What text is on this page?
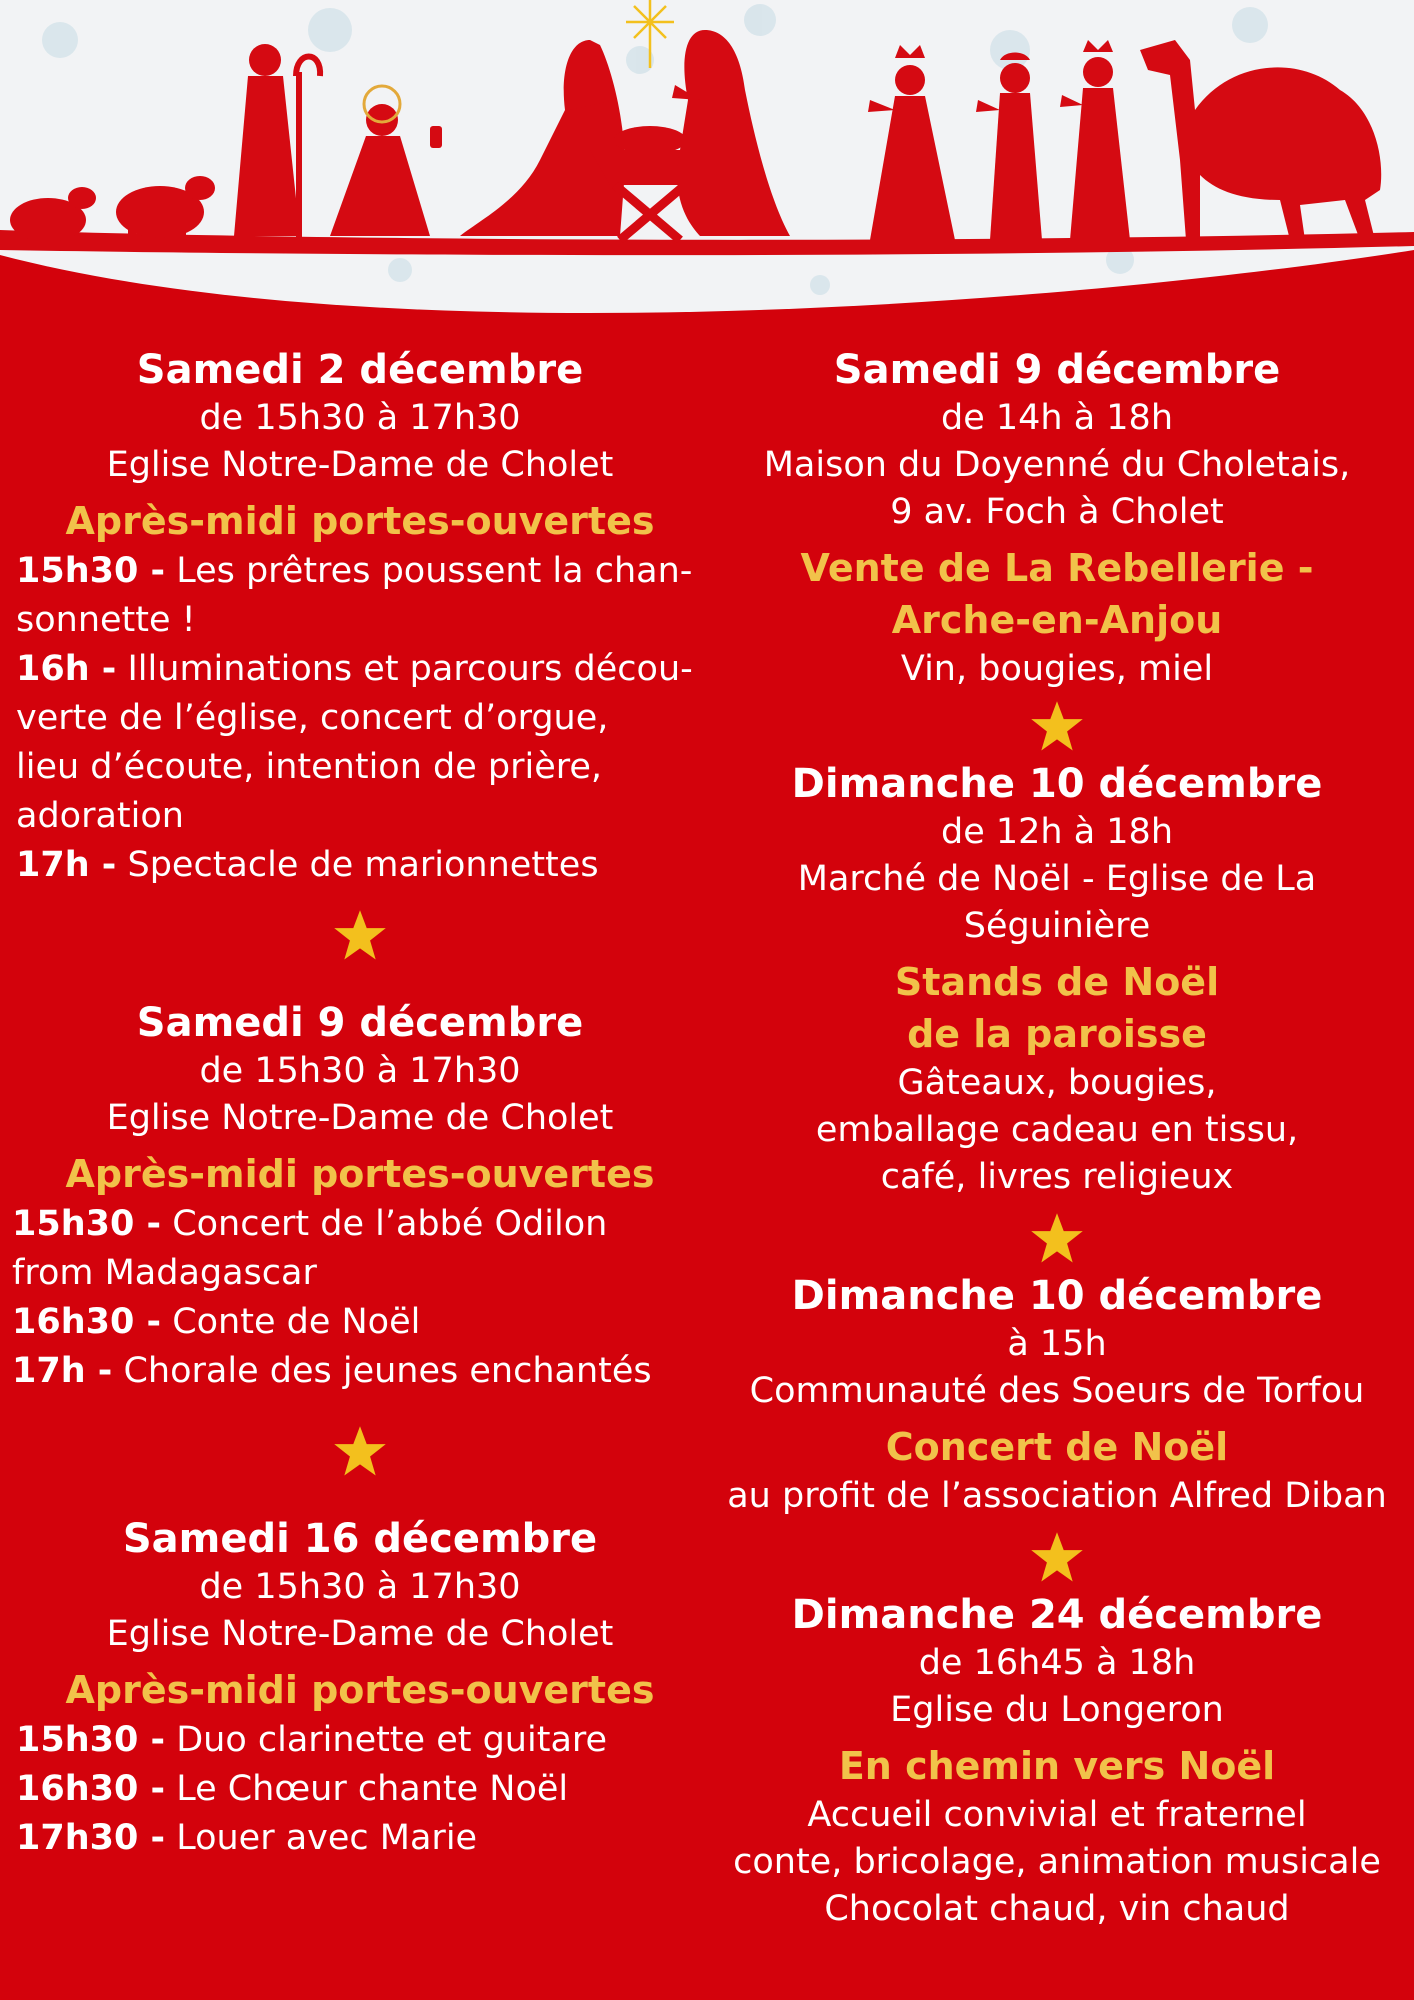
Samedi 2 décembre
de 15h30 à 17h30
Eglise Notre-Dame de Cholet
Après-midi portes-ouvertes
15h30 - Les prêtres poussent la chan-
sonnette !
16h - Illuminations et parcours décou-
verte de l’église, concert d’orgue,
lieu d’écoute, intention de prière,
adoration
17h - Spectacle de marionnettes
Samedi 9 décembre
de 15h30 à 17h30
Eglise Notre-Dame de Cholet
Après-midi portes-ouvertes
15h30 - Concert de l’abbé Odilon
from Madagascar
16h30 - Conte de Noël
17h - Chorale des jeunes enchantés
Samedi 16 décembre
de 15h30 à 17h30
Eglise Notre-Dame de Cholet
Après-midi portes-ouvertes
15h30 - Duo clarinette et guitare
16h30 - Le Chœur chante Noël
17h30 - Louer avec Marie
Samedi 9 décembre
de 14h à 18h
Maison du Doyenné du Choletais,
9 av. Foch à Cholet
Vente de La Rebellerie -
Arche-en-Anjou
Vin, bougies, miel
Dimanche 10 décembre
de 12h à 18h
Marché de Noël - Eglise de La Séguinière
Stands de Noël
de la paroisse
Gâteaux, bougies,
emballage cadeau en tissu,
café, livres religieux
Dimanche 10 décembre
à 15h
Communauté des Soeurs de Torfou
Concert de Noël
au profit de l’association Alfred Diban
Dimanche 24 décembre
de 16h45 à 18h
Eglise du Longeron
En chemin vers Noël
Accueil convivial et fraternel
conte, bricolage, animation musicale
Chocolat chaud, vin chaud
